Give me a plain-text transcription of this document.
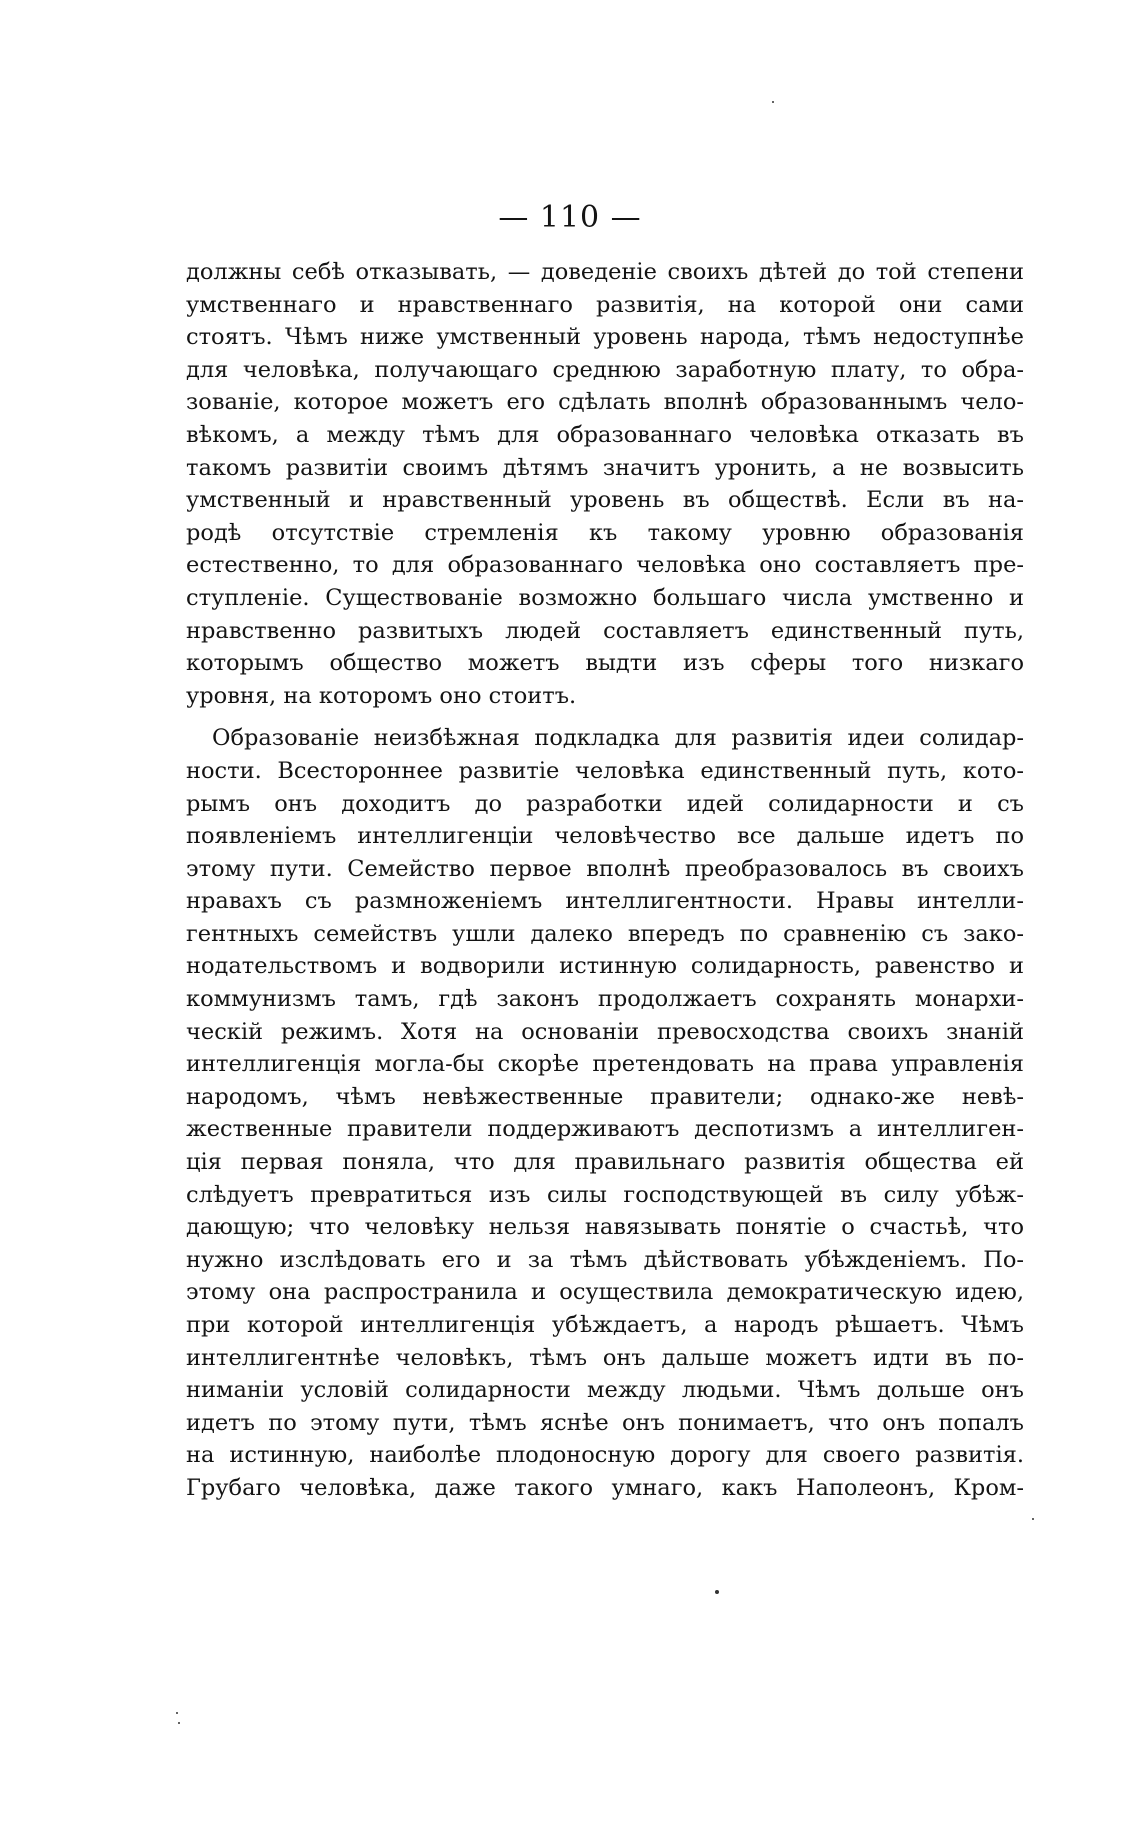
— 110 —
должны себѣ отказывать, — доведеніе своихъ дѣтей до той степени
умственнаго и нравственнаго развитія, на которой они сами
стоятъ. Чѣмъ ниже умственный уровень народа, тѣмъ недоступнѣе
для человѣка, получающаго среднюю заработную плату, то обра-
зованіе, которое можетъ его сдѣлать вполнѣ образованнымъ чело-
вѣкомъ, а между тѣмъ для образованнаго человѣка отказать въ
такомъ развитіи своимъ дѣтямъ значитъ уронить, а не возвысить
умственный и нравственный уровень въ обществѣ. Если въ на-
родѣ отсутствіе стремленія къ такому уровню образованія
естественно, то для образованнаго человѣка оно составляетъ пре-
ступленіе. Существованіе возможно большаго числа умственно и
нравственно развитыхъ людей составляетъ единственный путь,
которымъ общество можетъ выдти изъ сферы того низкаго
уровня, на которомъ оно стоитъ.
Образованіе неизбѣжная подкладка для развитія идеи солидар-
ности. Всестороннее развитіе человѣка единственный путь, кото-
рымъ онъ доходитъ до разработки идей солидарности и съ
появленіемъ интеллигенціи человѣчество все дальше идетъ по
этому пути. Семейство первое вполнѣ преобразовалось въ своихъ
нравахъ съ размноженіемъ интеллигентности. Нравы интелли-
гентныхъ семействъ ушли далеко впередъ по сравненію съ зако-
нодательствомъ и водворили истинную солидарность, равенство и
коммунизмъ тамъ, гдѣ законъ продолжаетъ сохранять монархи-
ческій режимъ. Хотя на основаніи превосходства своихъ знаній
интеллигенція могла-бы скорѣе претендовать на права управленія
народомъ, чѣмъ невѣжественные правители; однако-же невѣ-
жественные правители поддерживаютъ деспотизмъ а интеллиген-
ція первая поняла, что для правильнаго развитія общества ей
слѣдуетъ превратиться изъ силы господствующей въ силу убѣж-
дающую; что человѣку нельзя навязывать понятіе о счастьѣ, что
нужно изслѣдовать его и за тѣмъ дѣйствовать убѣжденіемъ. По-
этому она распространила и осуществила демократическую идею,
при которой интеллигенція убѣждаетъ, а народъ рѣшаетъ. Чѣмъ
интеллигентнѣе человѣкъ, тѣмъ онъ дальше можетъ идти въ по-
ниманіи условій солидарности между людьми. Чѣмъ дольше онъ
идетъ по этому пути, тѣмъ яснѣе онъ понимаетъ, что онъ попалъ
на истинную, наиболѣе плодоносную дорогу для своего развитія.
Грубаго человѣка, даже такого умнаго, какъ Наполеонъ, Кром-
